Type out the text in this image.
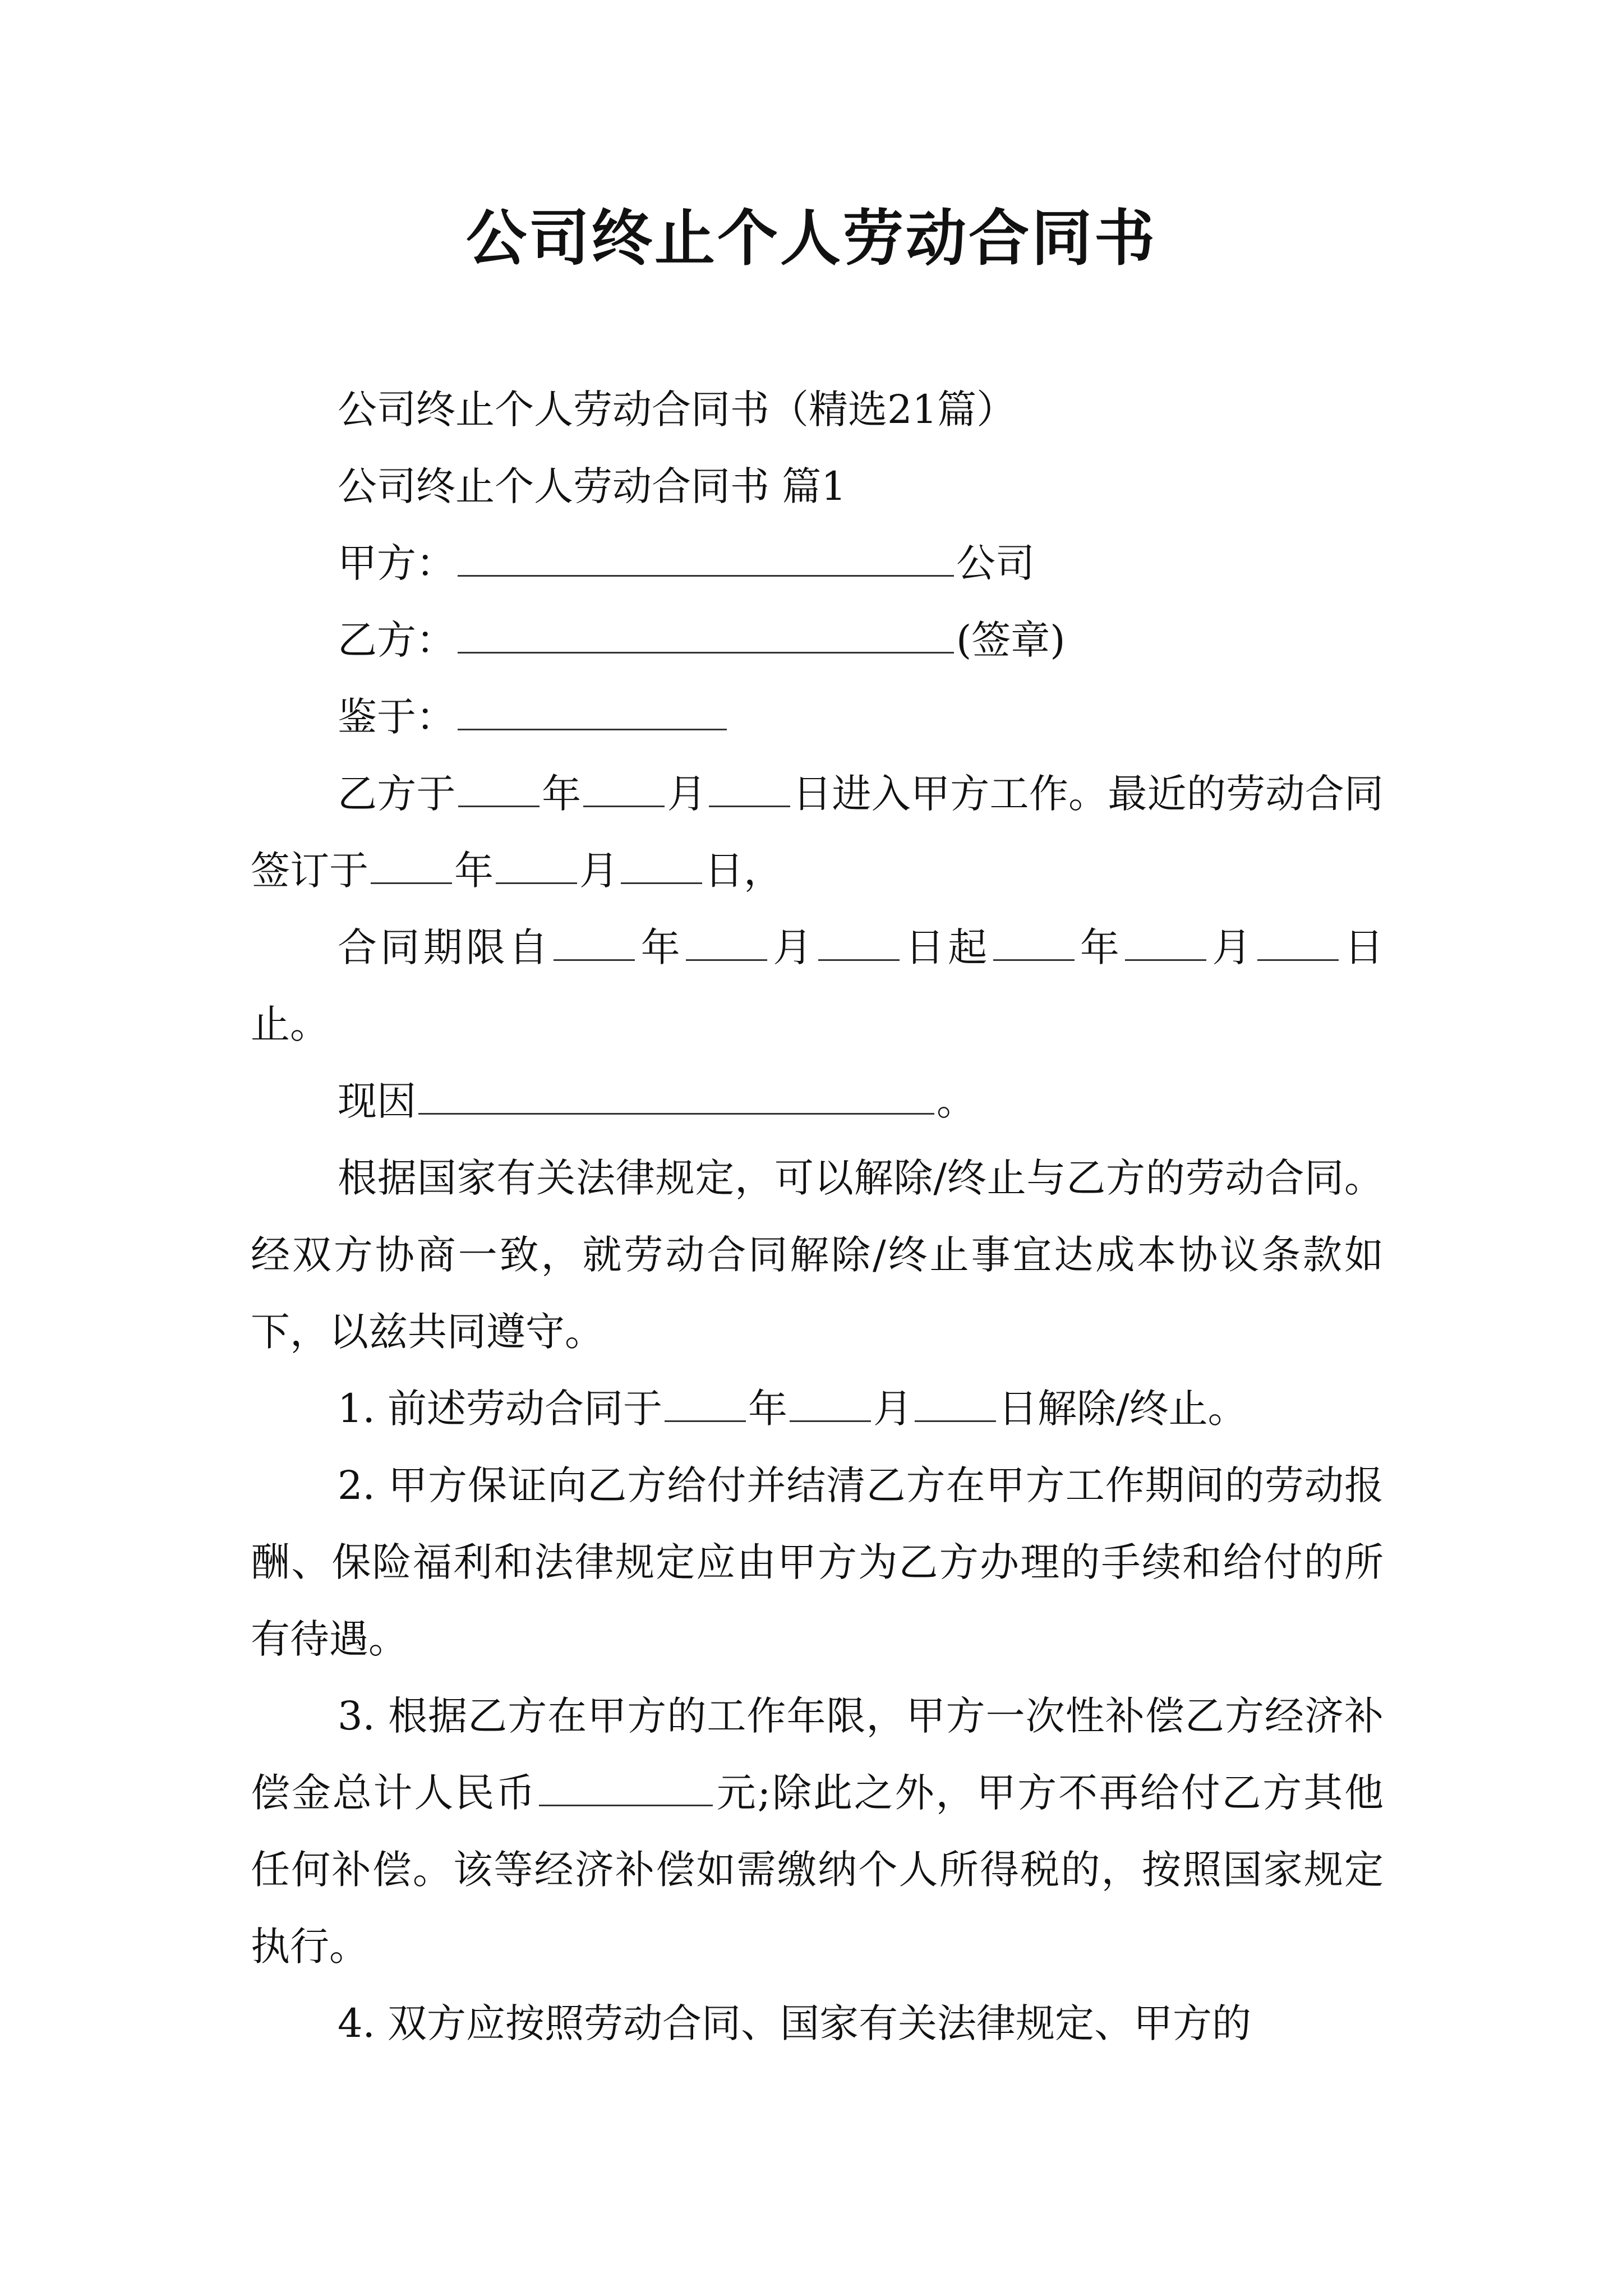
公司终止个人劳动合同书

公司终止个人劳动合同书（精选21篇）

公司终止个人劳动合同书 篇1

甲方：	公司

乙方：	(签章)

鉴于：

乙方于 年 月 日进入甲方工作。最近的劳动合同签订于 年 月 日，

合同期限自 年 月 日起 年 月 日止。

现因	。

根据国家有关法律规定，可以解除/终止与乙方的劳动合同。经双方协商一致，就劳动合同解除/终止事宜达成本协议条款如下，以兹共同遵守。

1. 前述劳动合同于 年 月 日解除/终止。

2. 甲方保证向乙方给付并结清乙方在甲方工作期间的劳动报酬、保险福利和法律规定应由甲方为乙方办理的手续和给付的所有待遇。

3. 根据乙方在甲方的工作年限，甲方一次性补偿乙方经济补偿金总计人民币	元;除此之外，甲方不再给付乙方其他任何补偿。该等经济补偿如需缴纳个人所得税的，按照国家规定执行。

4. 双方应按照劳动合同、国家有关法律规定、甲方的
